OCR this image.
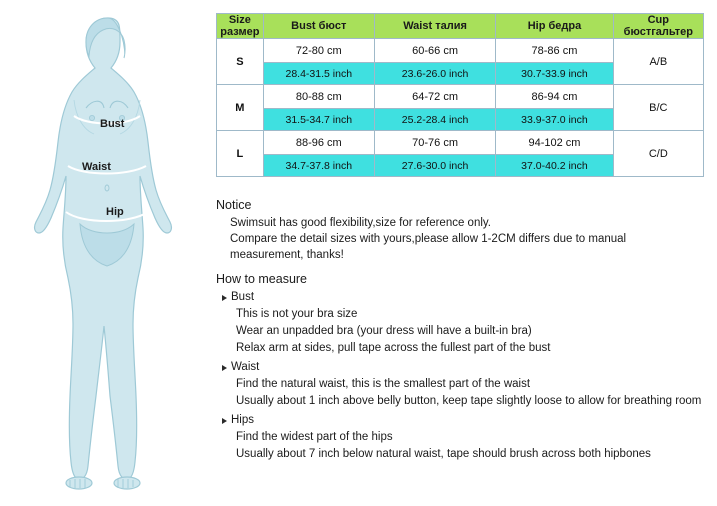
Bust
Waist
Hip
Size размер	Bust бюcт	Waist талия	Hip бедра	Cup бюстгальтер
S	72-80 cm	60-66 cm	78-86 cm	A/B
	28.4-31.5 inch	23.6-26.0 inch	30.7-33.9 inch	
M	80-88 cm	64-72 cm	86-94 cm	B/C
	31.5-34.7 inch	25.2-28.4 inch	33.9-37.0 inch	
L	88-96 cm	70-76 cm	94-102 cm	C/D
	34.7-37.8 inch	27.6-30.0 inch	37.0-40.2 inch	
Notice
Swimsuit has good flexibility,size for reference only.
Compare the detail sizes with yours,please allow 1-2CM differs due to manual
measurement, thanks!
How to measure
Bust
This is not your bra size
Wear an unpadded bra (your dress will have a built-in bra)
Relax arm at sides, pull tape across the fullest part of the bust
Waist
Find the natural waist, this is the smallest part of the waist
Usually about 1 inch above belly button, keep tape slightly loose to allow for breathing room
Hips
Find the widest part of the hips
Usually about 7 inch below natural waist, tape should brush across both hipbones
